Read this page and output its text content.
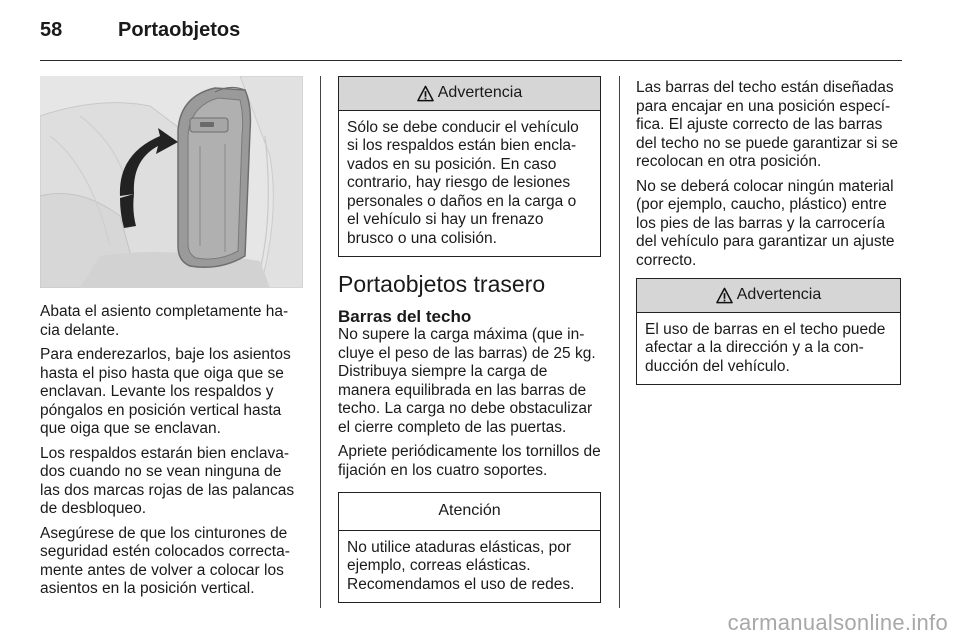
58	Portaobjetos

Abata el asiento completamente ha-cia delante.

Para enderezarlos, baje los asientos hasta el piso hasta que oiga que se enclavan. Levante los respaldos y póngalos en posición vertical hasta que oiga que se enclavan.

Los respaldos estarán bien enclava-dos cuando no se vean ninguna de las dos marcas rojas de las palancas de desbloqueo.

Asegúrese de que los cinturones de seguridad estén colocados correcta-mente antes de volver a colocar los asientos en la posición vertical.

Advertencia
Sólo se debe conducir el vehículo si los respaldos están bien encla-vados en su posición. En caso contrario, hay riesgo de lesiones personales o daños en la carga o el vehículo si hay un frenazo brusco o una colisión.
Portaobjetos trasero
Barras del techo

No supere la carga máxima (que in-cluye el peso de las barras) de 25 kg. Distribuya siempre la carga de manera equilibrada en las barras de techo. La carga no debe obstaculizar el cierre completo de las puertas.

Apriete periódicamente los tornillos de fijación en los cuatro soportes.

Atención
No utilice ataduras elásticas, por ejemplo, correas elásticas. Recomendamos el uso de redes.

Las barras del techo están diseñadas para encajar en una posición especí-fica. El ajuste correcto de las barras del techo no se puede garantizar si se recolocan en otra posición.

No se deberá colocar ningún material (por ejemplo, caucho, plástico) entre los pies de las barras y la carrocería del vehículo para garantizar un ajuste correcto.

Advertencia
El uso de barras en el techo puede afectar a la dirección y a la con-ducción del vehículo.
carmanualsonline.info
